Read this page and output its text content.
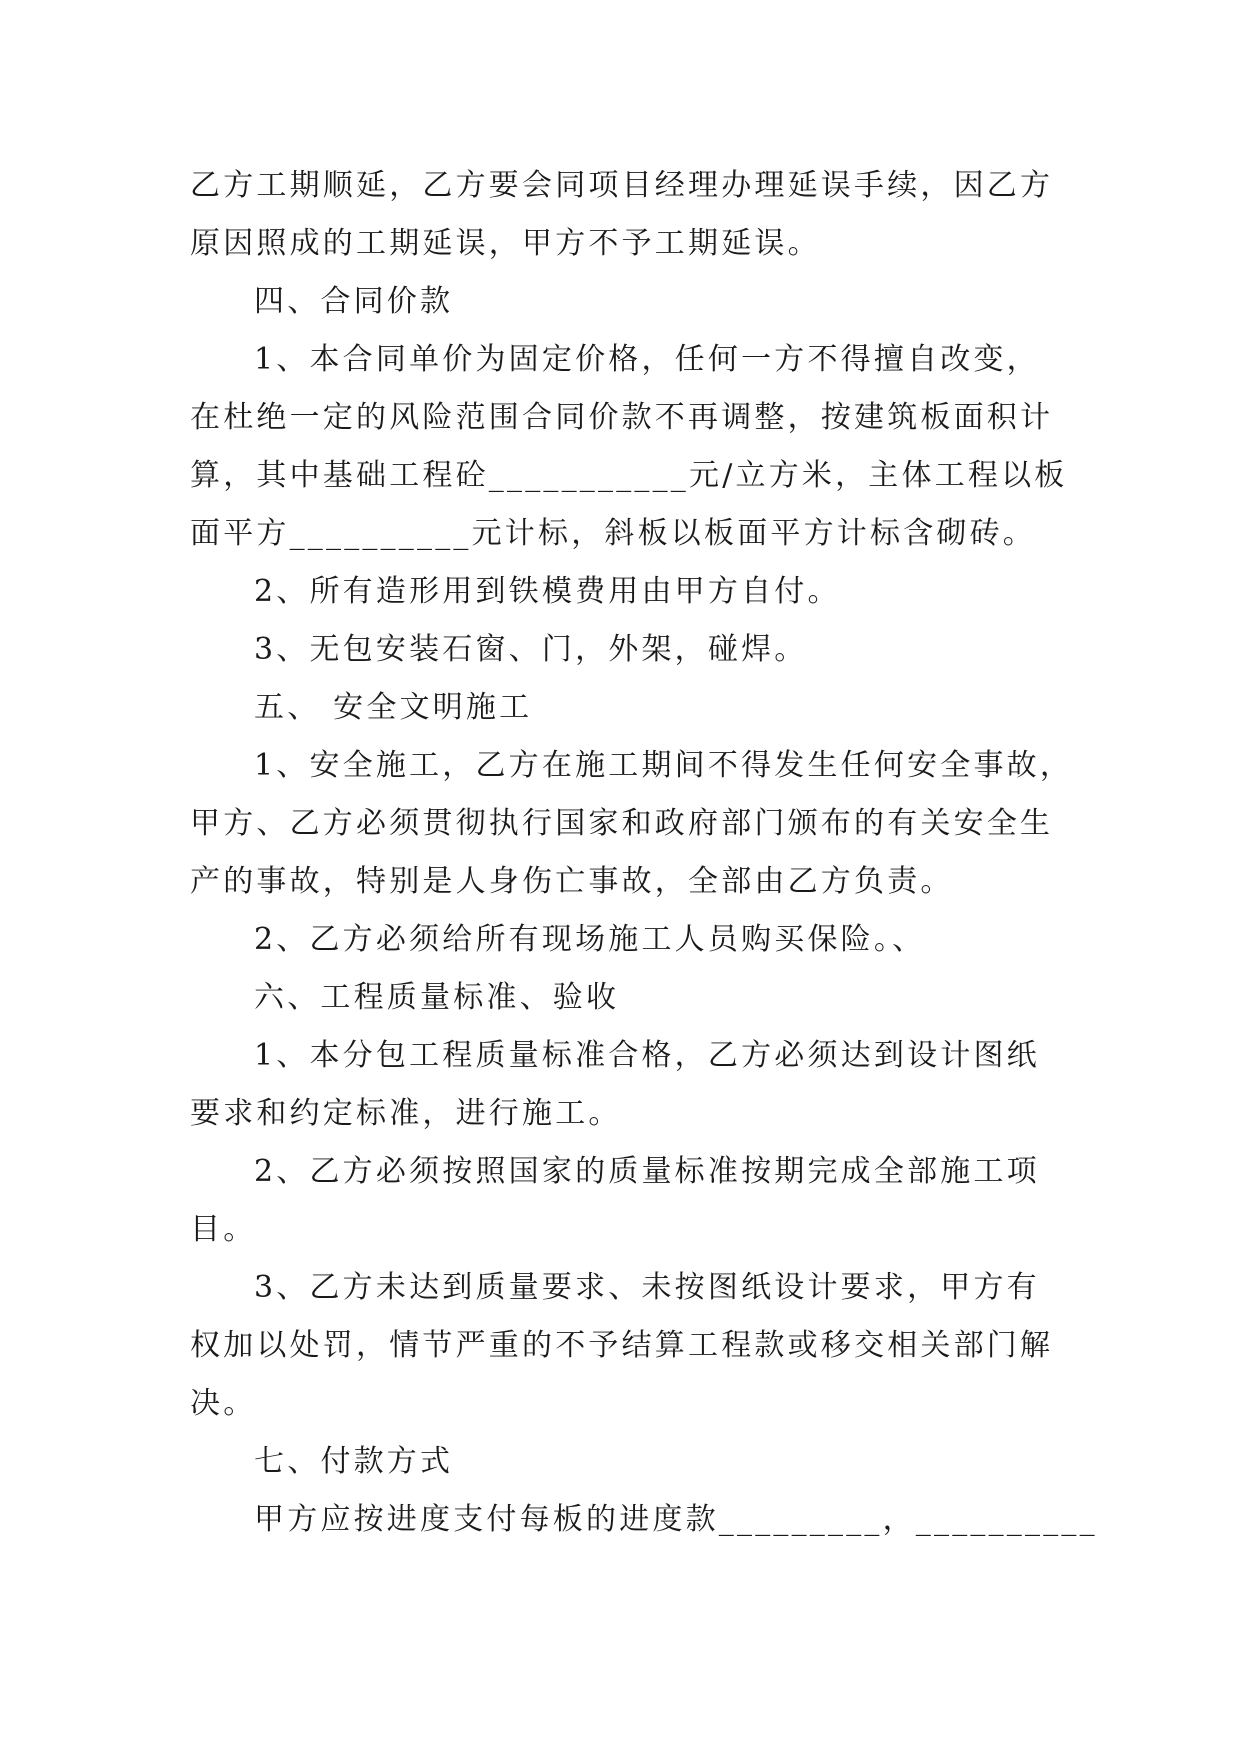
乙方工期顺延，乙方要会同项目经理办理延误手续，因乙方
原因照成的工期延误，甲方不予工期延误。
四、合同价款
1、本合同单价为固定价格，任何一方不得擅自改变，
在杜绝一定的风险范围合同价款不再调整，按建筑板面积计
算，其中基础工程砼___________元/立方米，主体工程以板
面平方__________元计标，斜板以板面平方计标含砌砖。
2、所有造形用到铁模费用由甲方自付。
3、无包安装石窗、门，外架，碰焊。
五、 安全文明施工
1、安全施工，乙方在施工期间不得发生任何安全事故，
甲方、乙方必须贯彻执行国家和政府部门颁布的有关安全生
产的事故，特别是人身伤亡事故，全部由乙方负责。
2、乙方必须给所有现场施工人员购买保险。、
六、工程质量标准、验收
1、本分包工程质量标准合格，乙方必须达到设计图纸
要求和约定标准，进行施工。
2、乙方必须按照国家的质量标准按期完成全部施工项
目。
3、乙方未达到质量要求、未按图纸设计要求，甲方有
权加以处罚，情节严重的不予结算工程款或移交相关部门解
决。
七、付款方式
甲方应按进度支付每板的进度款_________，__________
